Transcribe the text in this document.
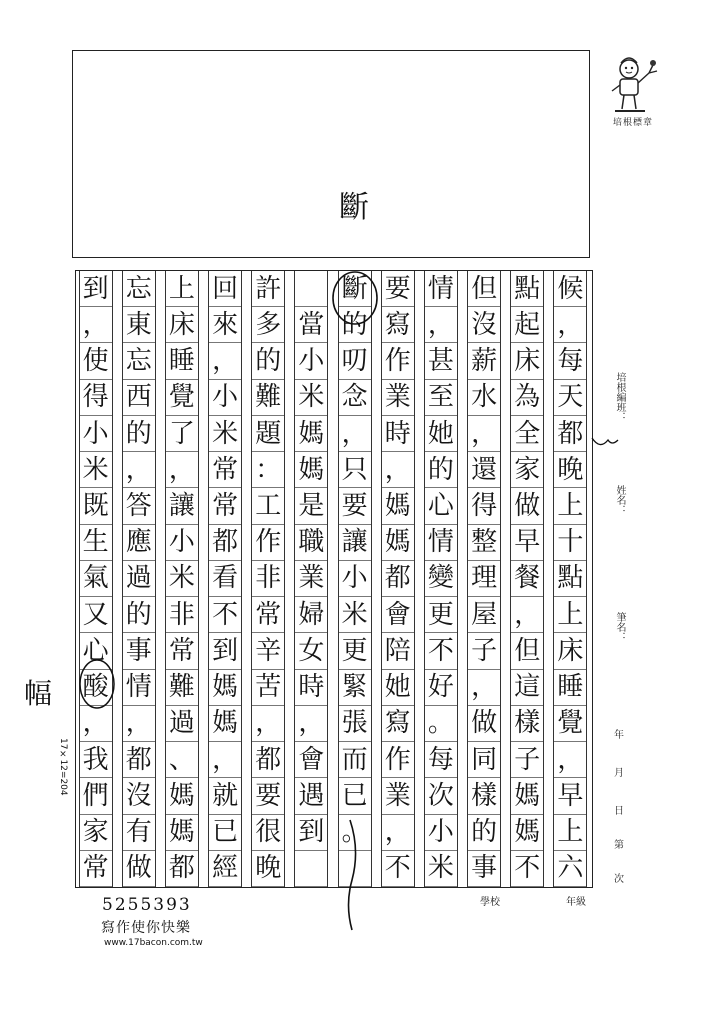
斷
培根標章
候
，
每
天
都
晚
上
十
點
上
床
睡
覺
，
早
上
六
點
起
床
為
全
家
做
早
餐
，
但
這
樣
子
媽
媽
不
但
沒
薪
水
，
還
得
整
理
屋
子
，
做
同
樣
的
事
情
，
甚
至
她
的
心
情
變
更
不
好
。
每
次
小
米
要
寫
作
業
時
，
媽
媽
都
會
陪
她
寫
作
業
，
不
斷
的
叨
念
，
只
要
讓
小
米
更
緊
張
而
已
。
當
小
米
媽
媽
是
職
業
婦
女
時
，
會
遇
到
許
多
的
難
題
：
工
作
非
常
辛
苦
，
都
要
很
晚
回
來
，
小
米
常
常
都
看
不
到
媽
媽
，
就
已
經
上
床
睡
覺
了
，
讓
小
米
非
常
難
過
、
媽
媽
都
忘
東
忘
西
的
，
答
應
過
的
事
情
，
都
沒
有
做
到
，
使
得
小
米
既
生
氣
又
心
酸
，
我
們
家
常
培根編班：
姓名：
筆名：
年
月
日
第
次
17×12=204
幅
5255393
寫作使你快樂
www.17bacon.com.tw
學校	年級
